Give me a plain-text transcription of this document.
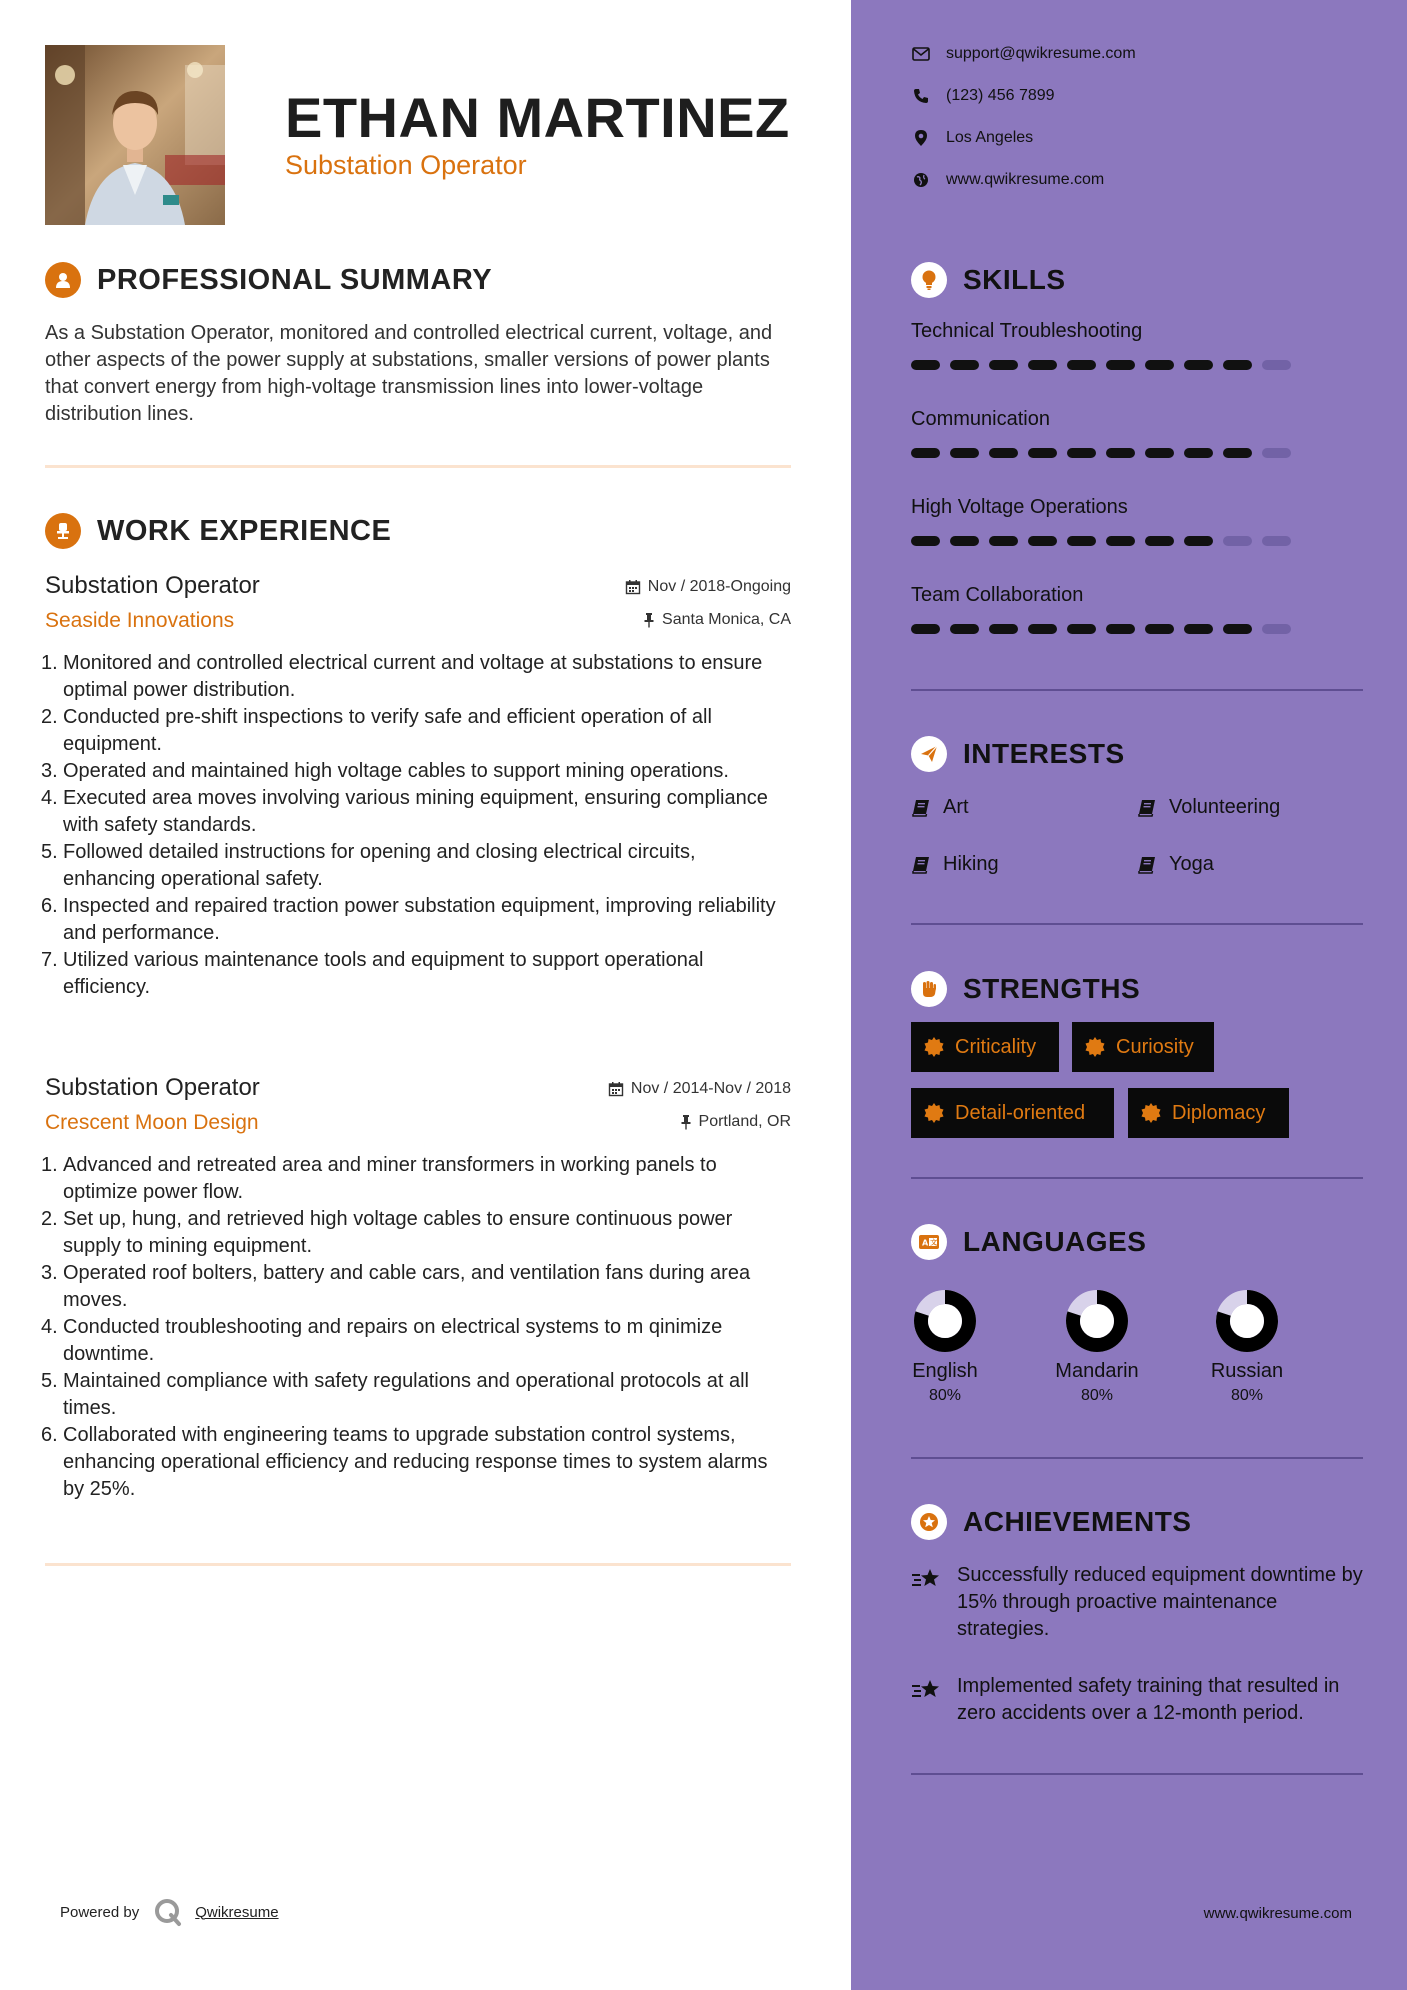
ETHAN MARTINEZ
Substation Operator
PROFESSIONAL SUMMARY
As a Substation Operator, monitored and controlled electrical current, voltage, and other aspects of the power supply at substations, smaller versions of power plants that convert energy from high-voltage transmission lines into lower-voltage distribution lines.
WORK EXPERIENCE
Substation Operator
Seaside Innovations
Nov / 2018-Ongoing
Santa Monica, CA
1. Monitored and controlled electrical current and voltage at substations to ensure optimal power distribution.
2. Conducted pre-shift inspections to verify safe and efficient operation of all equipment.
3. Operated and maintained high voltage cables to support mining operations.
4. Executed area moves involving various mining equipment, ensuring compliance with safety standards.
5. Followed detailed instructions for opening and closing electrical circuits, enhancing operational safety.
6. Inspected and repaired traction power substation equipment, improving reliability and performance.
7. Utilized various maintenance tools and equipment to support operational efficiency.
Substation Operator
Crescent Moon Design
Nov / 2014-Nov / 2018
Portland, OR
1. Advanced and retreated area and miner transformers in working panels to optimize power flow.
2. Set up, hung, and retrieved high voltage cables to ensure continuous power supply to mining equipment.
3. Operated roof bolters, battery and cable cars, and ventilation fans during area moves.
4. Conducted troubleshooting and repairs on electrical systems to m qinimize downtime.
5. Maintained compliance with safety regulations and operational protocols at all times.
6. Collaborated with engineering teams to upgrade substation control systems, enhancing operational efficiency and reducing response times to system alarms by 25%.
Powered by	Qwikresume
support@qwikresume.com
(123) 456 7899
Los Angeles
www.qwikresume.com
SKILLS
Technical Troubleshooting
Communication
High Voltage Operations
Team Collaboration
INTERESTS
Art	Volunteering
Hiking	Yoga
STRENGTHS
Criticality	Curiosity
Detail-oriented	Diplomacy
A 文 LANGUAGES
English
80%
Mandarin
80%
Russian
80%
ACHIEVEMENTS
Successfully reduced equipment downtime by 15% through proactive maintenance strategies.
Implemented safety training that resulted in zero accidents over a 12-month period.
www.qwikresume.com
